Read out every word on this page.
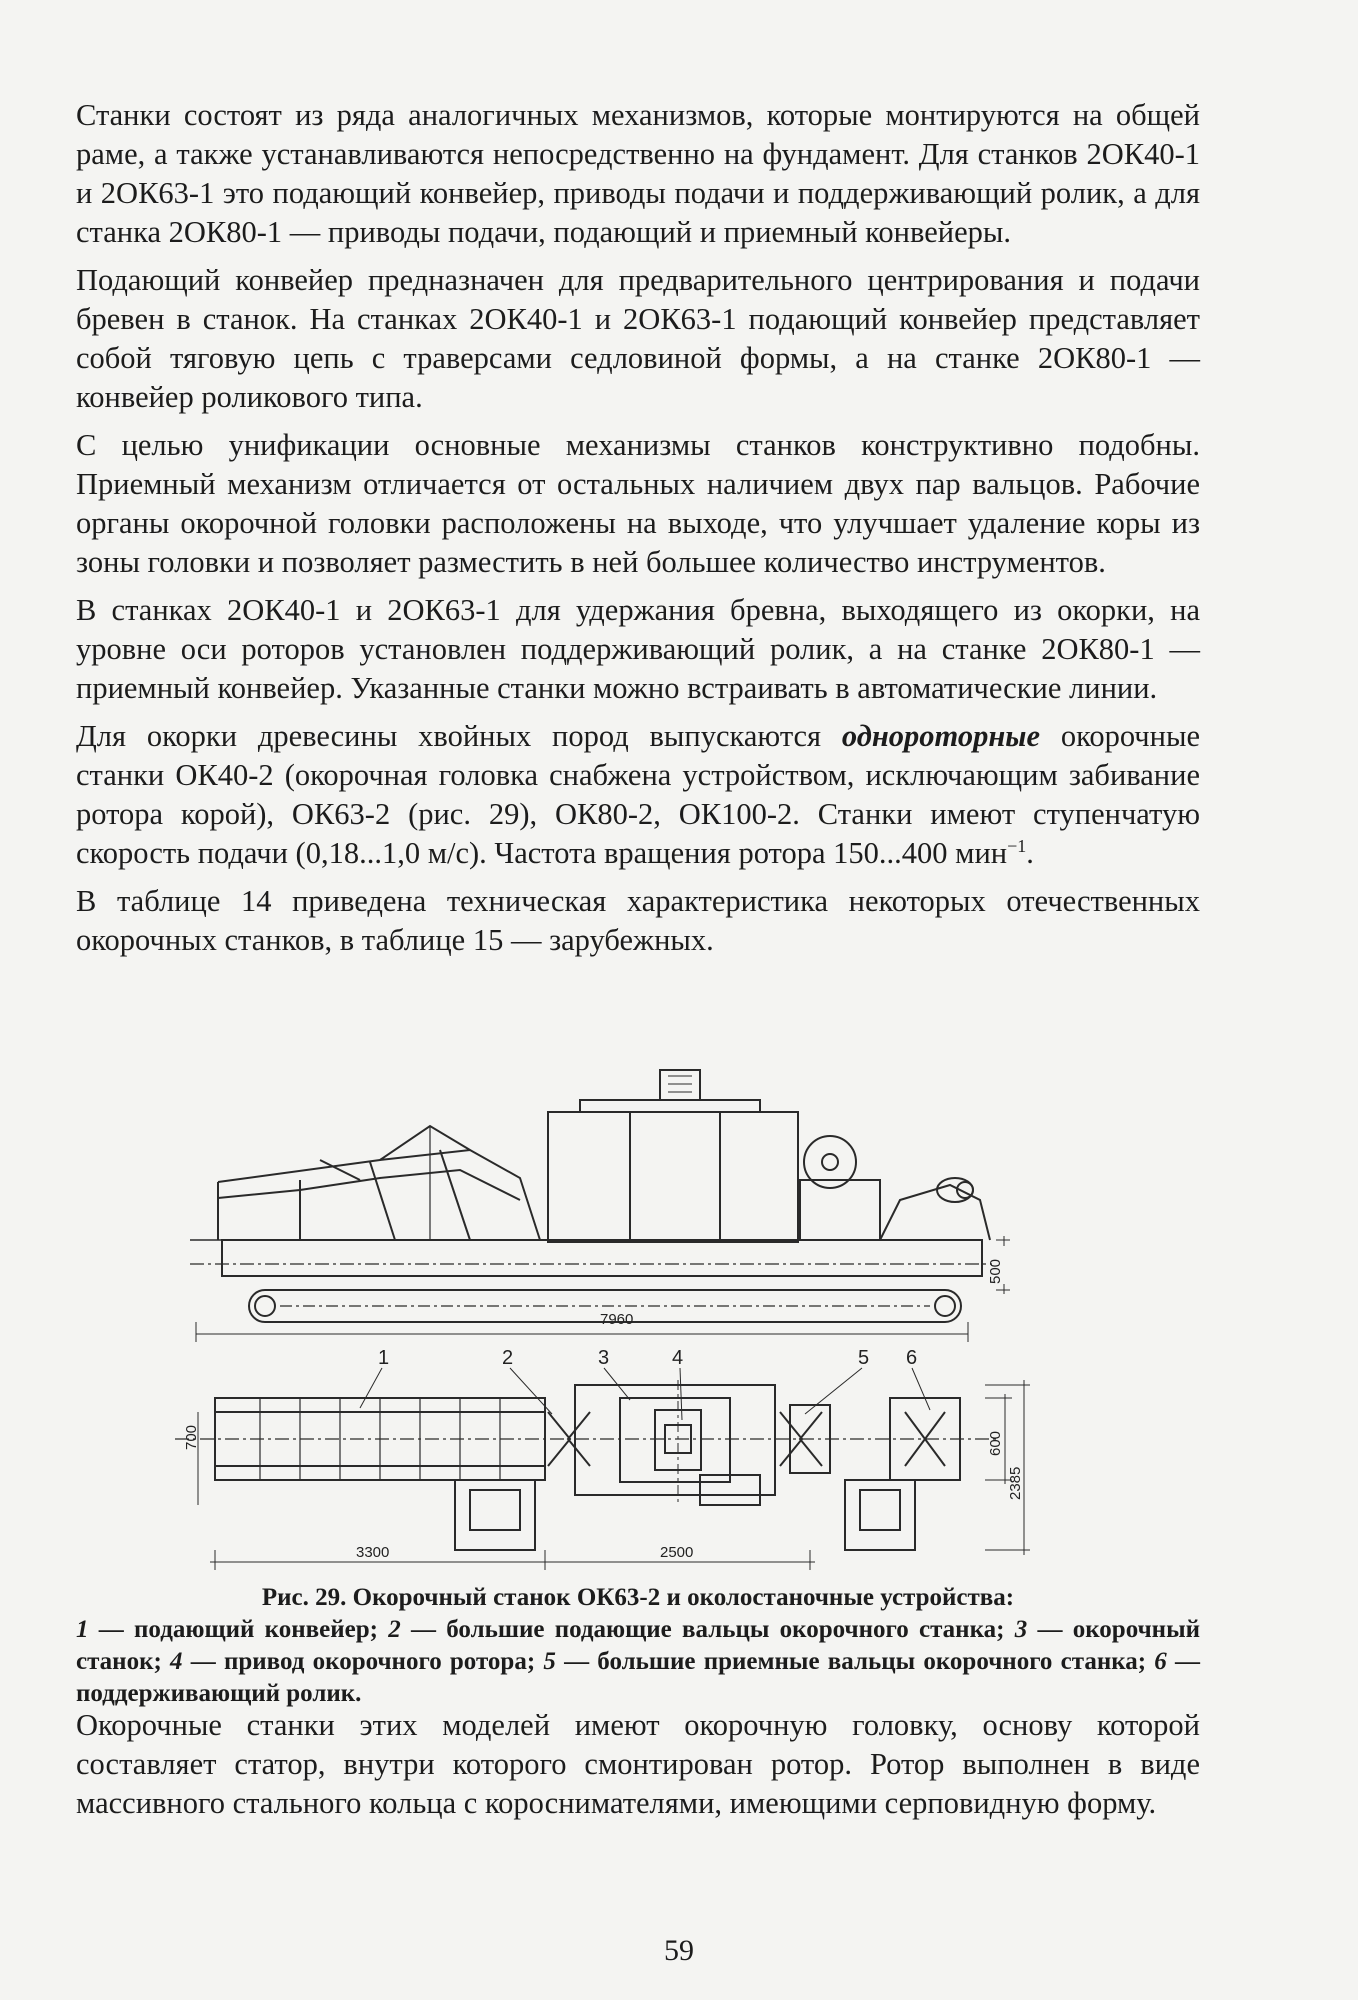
Станки состоят из ряда аналогичных механизмов, которые монтируются на общей раме, а также устанавливаются непосредственно на фундамент. Для станков 2ОК40-1 и 2ОК63-1 это подающий конвейер, приводы подачи и поддерживающий ролик, а для станка 2ОК80-1 — приводы подачи, подающий и приемный конвейеры.

Подающий конвейер предназначен для предварительного центрирования и подачи бревен в станок. На станках 2ОК40-1 и 2ОК63-1 подающий конвейер представляет собой тяговую цепь с траверсами седловиной формы, а на станке 2ОК80-1 — конвейер роликового типа.

С целью унификации основные механизмы станков конструктивно подобны. Приемный механизм отличается от остальных наличием двух пар вальцов. Рабочие органы окорочной головки расположены на выходе, что улучшает удаление коры из зоны головки и позволяет разместить в ней большее количество инструментов.

В станках 2ОК40-1 и 2ОК63-1 для удержания бревна, выходящего из окорки, на уровне оси роторов установлен поддерживающий ролик, а на станке 2ОК80-1 — приемный конвейер. Указанные станки можно встраивать в автоматические линии.

Для окорки древесины хвойных пород выпускаются однороторные окорочные станки ОК40-2 (окорочная головка снабжена устройством, исключающим забивание ротора корой), ОК63-2 (рис. 29), ОК80-2, ОК100-2. Станки имеют ступенчатую скорость подачи (0,18...1,0 м/с). Частота вращения ротора 150...400 мин$^{-1}$.

В таблице 14 приведена техническая характеристика некоторых отечественных окорочных станков, в таблице 15 — зарубежных.

7960
500
700	600
2385
3300	2500
1	2	3	4	5 6
Рис. 29. Окорочный станок ОК63-2 и околостаночные устройства:
1 — подающий конвейер; 2 — большие подающие вальцы окорочного станка; 3 — окорочный станок; 4 — привод окорочного ротора; 5 — большие приемные вальцы окорочного станка; 6 — поддерживающий ролик.
Окорочные станки этих моделей имеют окорочную головку, основу которой составляет статор, внутри которого смонтирован ротор. Ротор выполнен в виде массивного стального кольца с короснимателями, имеющими серповидную форму.
59
